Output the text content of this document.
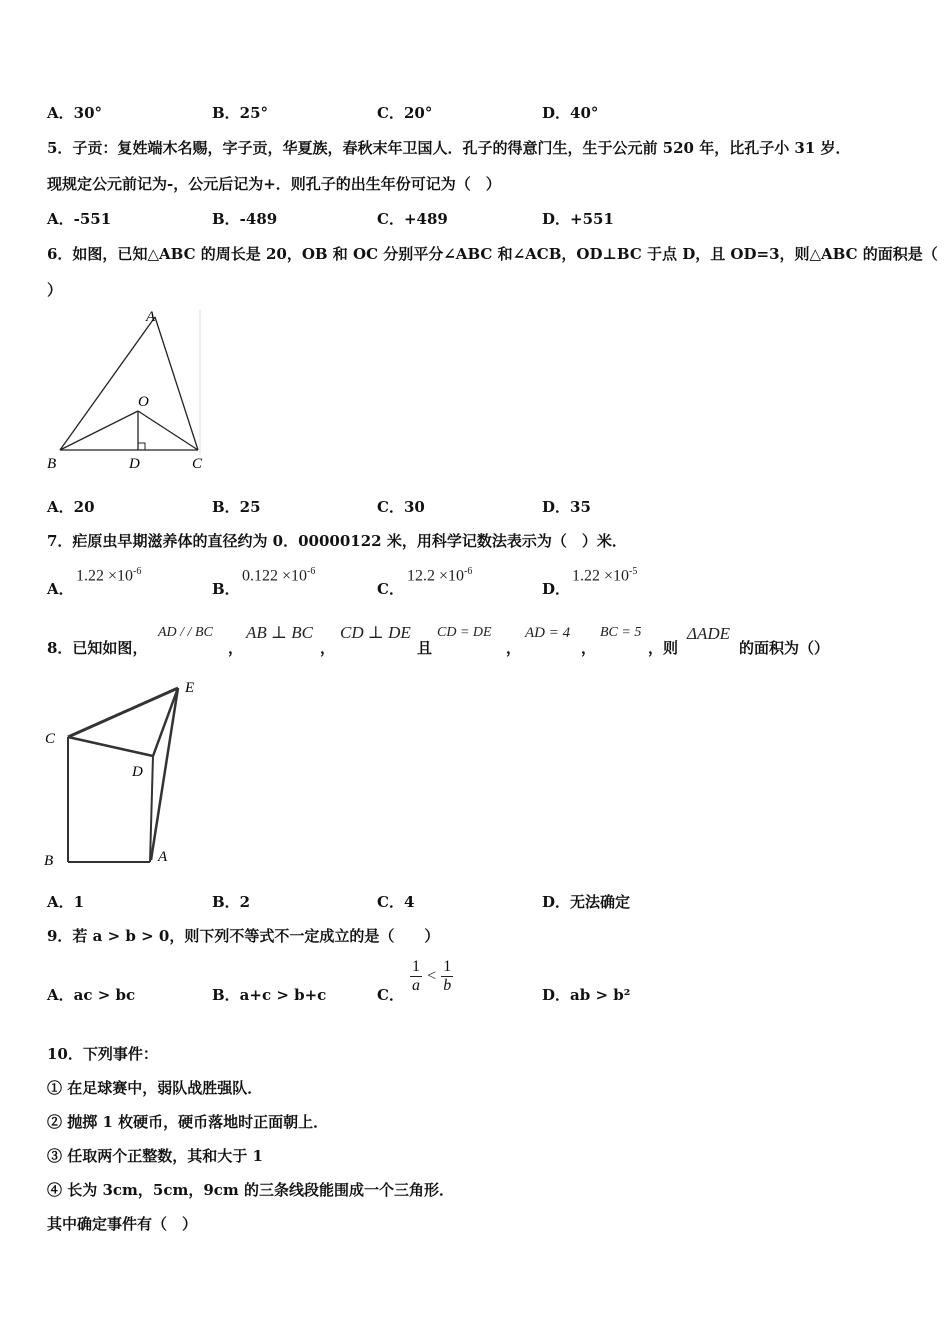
A．30°	B．25°	C．20°	D．40°
5．子贡：复姓端木名赐，字子贡，华夏族，春秋末年卫国人．孔子的得意门生，生于公元前 520 年，比孔子小 31 岁．
现规定公元前记为-，公元后记为+．则孔子的出生年份可记为（　）
A．-551	B．-489	C．+489	D．+551
6．如图，已知△ABC 的周长是 20，OB 和 OC 分别平分∠ABC 和∠ACB，OD⊥BC 于点 D，且 OD=3，则△ABC 的面积是（
）
A
O
B	D	C
A．20	B．25	C．30	D．35
7．疟原虫早期滋养体的直径约为 0．00000122 米，用科学记数法表示为（　）米．
A．
$1.22 \times 10^{-6}$
B．
$0.122 \times 10^{-6}$
C．
$12.2 \times 10^{-6}$
D．
$1.22 \times 10^{-5}$
8．已知如图，
AD / / BC
，
AB ⊥ BC
，
CD ⊥ DE
且
CD = DE
，
AD = 4
，
BC = 5
，则
ΔADE
的面积为（）
E
C
D
B	A
A．1	B．2	C．4	D．无法确定
9．若 a > b > 0，则下列不等式不一定成立的是（　　）
A．ac > bc	B．a+c > b+c	C． $\frac{1}{a} < \frac{1}{b}$	D．ab > b²
10．下列事件：
① 在足球赛中，弱队战胜强队．
② 抛掷 1 枚硬币，硬币落地时正面朝上．
③ 任取两个正整数，其和大于 1
④ 长为 3cm，5cm，9cm 的三条线段能围成一个三角形．
其中确定事件有（　）
